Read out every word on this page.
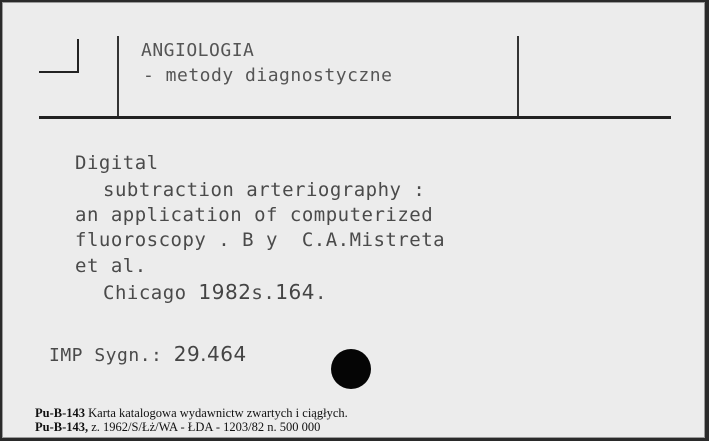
ANGIOLOGIA
- metody diagnostyczne
Digital
subtraction arteriography :
an application of computerized
fluoroscopy . B y  C.A.Mistreta
et al.
Chicago 1982s.164.
IMP Sygn.: 29.464
Pu-B-143 Karta katalogowa wydawnictw zwartych i ciągłych.
Pu-B-143, z. 1962/S/Łż/WA - ŁDA - 1203/82 n. 500 000
